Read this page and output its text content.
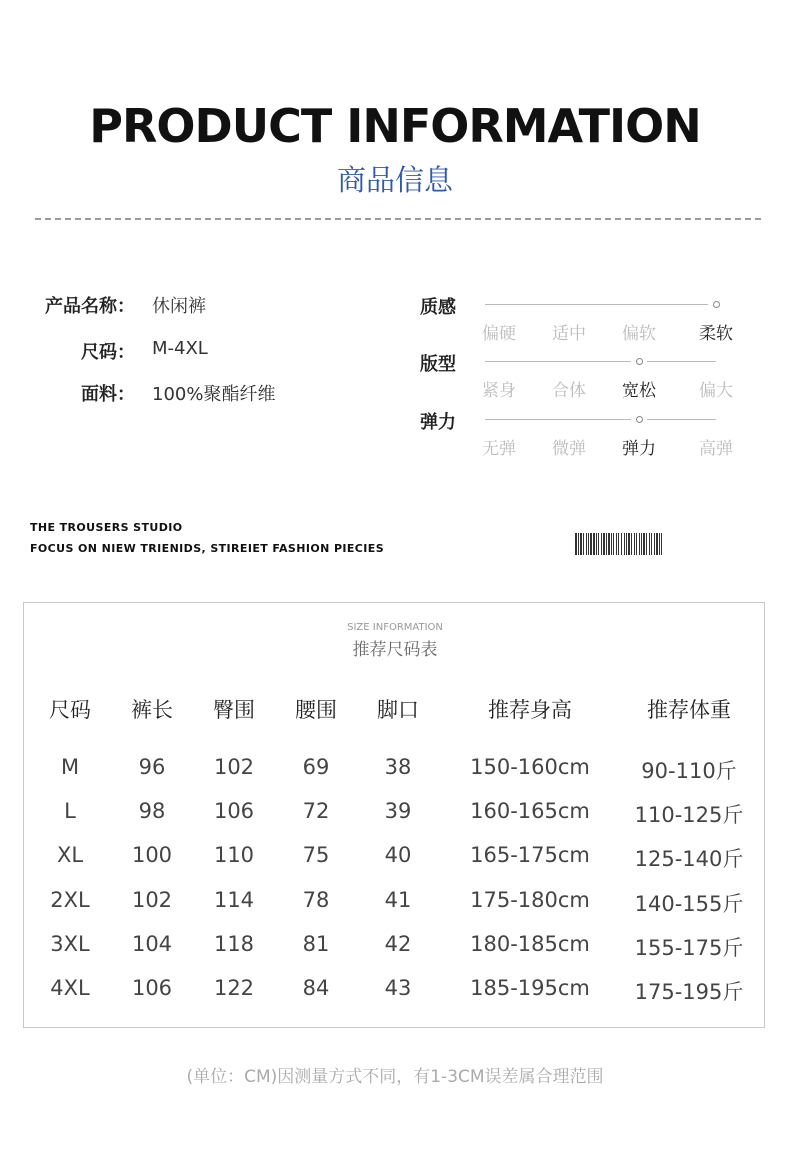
PRODUCT INFORMATION
商品信息
产品名称： 休闲裤
尺码： M-4XL
面料： 100%聚酯纤维
质感
偏硬	适中	偏软	柔软
版型
紧身	合体	宽松	偏大
弹力
无弹	微弹	弹力	高弹
THE TROUSERS STUDIO
FOCUS ON NIEW TRIENIDS, STIREIET FASHION PIECIES
SIZE INFORMATION
推荐尺码表
尺码	裤长	臀围	腰围	脚口	推荐身高	推荐体重
M	96	102	69	38	150-160cm	90-110斤
L	98	106	72	39	160-165cm	110-125斤
XL	100	110	75	40	165-175cm	125-140斤
2XL	102	114	78	41	175-180cm	140-155斤
3XL	104	118	81	42	180-185cm	155-175斤
4XL	106	122	84	43	185-195cm	175-195斤
(单位：CM)因测量方式不同，有1-3CM误差属合理范围
